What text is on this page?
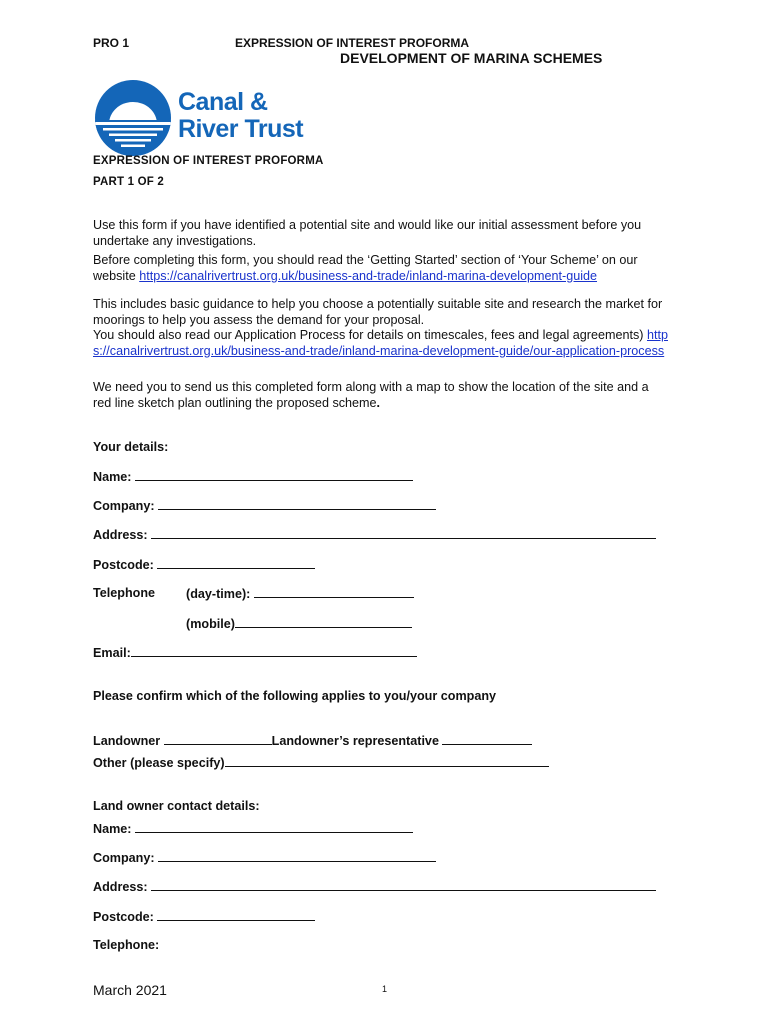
PRO 1	EXPRESSION OF INTEREST PROFORMA
DEVELOPMENT OF MARINA SCHEMES
Canal &
River Trust
EXPRESSION OF INTEREST PROFORMA
PART 1 OF 2
Use this form if you have identified a potential site and would like our initial assessment before you undertake any investigations.
Before completing this form, you should read the ‘Getting Started’ section of ‘Your Scheme’ on our website https://canalrivertrust.org.uk/business-and-trade/inland-marina-development-guide
This includes basic guidance to help you choose a potentially suitable site and research the market for moorings to help you assess the demand for your proposal.
You should also read our Application Process for details on timescales, fees and legal agreements) https://canalrivertrust.org.uk/business-and-trade/inland-marina-development-guide/our-application-process
We need you to send us this completed form along with a map to show the location of the site and a red line sketch plan outlining the proposed scheme.
Your details:
Name:
Company:
Address:
Postcode:
Telephone (day-time):
(mobile)
Email:
Please confirm which of the following applies to you/your company
Landowner	Landowner’s representative
Other (please specify)
Land owner contact details:
Name:
Company:
Address:
Postcode:
Telephone:
March 2021	1
